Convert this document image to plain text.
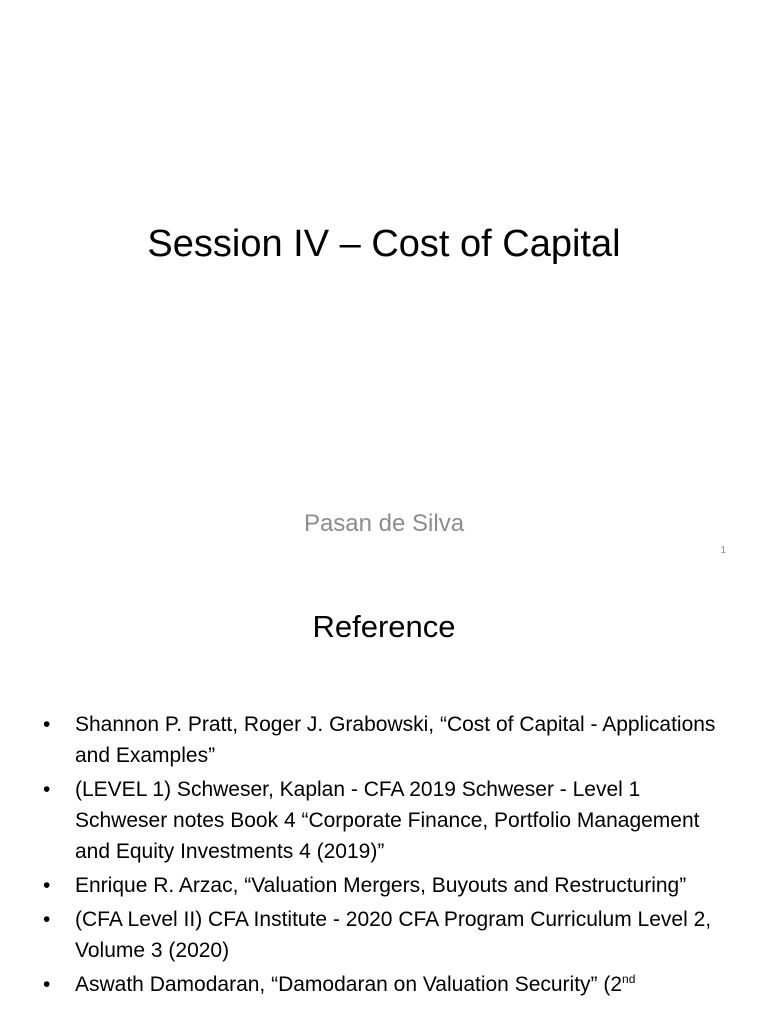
Session IV – Cost of Capital
Pasan de Silva
1
Reference
• Shannon P. Pratt, Roger J. Grabowski, “Cost of Capital - Applications and Examples”
• (LEVEL 1) Schweser, Kaplan - CFA 2019 Schweser - Level 1 Schweser notes Book 4 “Corporate Finance, Portfolio Management and Equity Investments 4 (2019)”
• Enrique R. Arzac, “Valuation Mergers, Buyouts and Restructuring”
• (CFA Level II) CFA Institute - 2020 CFA Program Curriculum Level 2, Volume 3 (2020)
• Aswath Damodaran, “Damodaran on Valuation Security” (2nd
